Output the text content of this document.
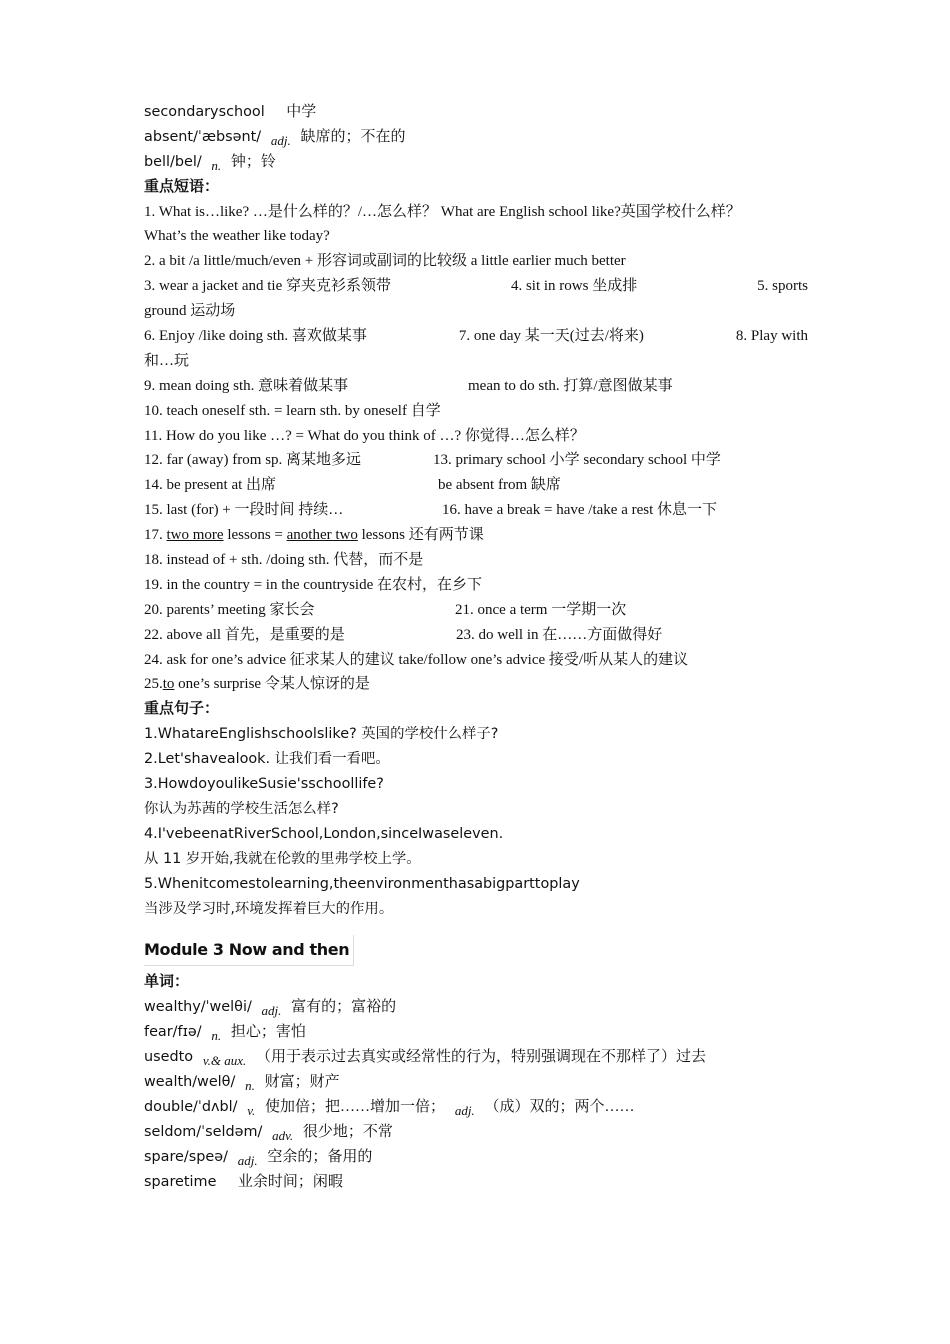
secondaryschool 中学
absent/ˈæbsənt/ adj. 缺席的；不在的
bell/bel/ n. 钟；铃
重点短语：
1. What is…like? …是什么样的？/…怎么样？ What are English school like?英国学校什么样？
What’s the weather like today?
2. a bit /a little/much/even + 形容词或副词的比较级 a little earlier much better
3. wear a jacket and tie 穿夹克衫系领带	4. sit in rows 坐成排	5. sports
ground 运动场
6. Enjoy /like doing sth. 喜欢做某事	7. one day 某一天(过去/将来)	8. Play with
和…玩
9. mean doing sth. 意味着做某事	mean to do sth. 打算/意图做某事
10. teach oneself sth. = learn sth. by oneself 自学
11. How do you like …? = What do you think of …? 你觉得…怎么样？
12. far (away) from sp. 离某地多远	13. primary school 小学 secondary school 中学
14. be present at 出席	be absent from 缺席
15. last (for) + 一段时间 持续…	16. have a break = have /take a rest 休息一下
17. two more lessons = another two lessons 还有两节课
18. instead of + sth. /doing sth. 代替，而不是
19. in the country = in the countryside 在农村，在乡下
20. parents’ meeting 家长会	21. once a term 一学期一次
22. above all 首先，是重要的是	23. do well in 在……方面做得好
24. ask for one’s advice 征求某人的建议 take/follow one’s advice 接受/听从某人的建议
25.to one’s surprise 令某人惊讶的是
重点句子：
1.WhatareEnglishschoolslike? 英国的学校什么样子?
2.Let'shavealook. 让我们看一看吧。
3.HowdoyoulikeSusie'sschoollife?
你认为苏茜的学校生活怎么样?
4.I'vebeenatRiverSchool,London,sinceIwaseleven.
从 11 岁开始,我就在伦敦的里弗学校上学。
5.Whenitcomestolearning,theenvironmenthasabigparttoplay
当涉及学习时,环境发挥着巨大的作用。
Module 3 Now and then
单词：
wealthy/ˈwelθi/ adj. 富有的；富裕的
fear/fɪə/ n. 担心；害怕
usedto v.& aux. （用于表示过去真实或经常性的行为，特别强调现在不那样了）过去
wealth/welθ/ n. 财富；财产
double/ˈdʌbl/ v. 使加倍；把……增加一倍； adj. （成）双的；两个……
seldom/ˈseldəm/ adv. 很少地；不常
spare/speə/ adj. 空余的；备用的
sparetime 业余时间；闲暇
